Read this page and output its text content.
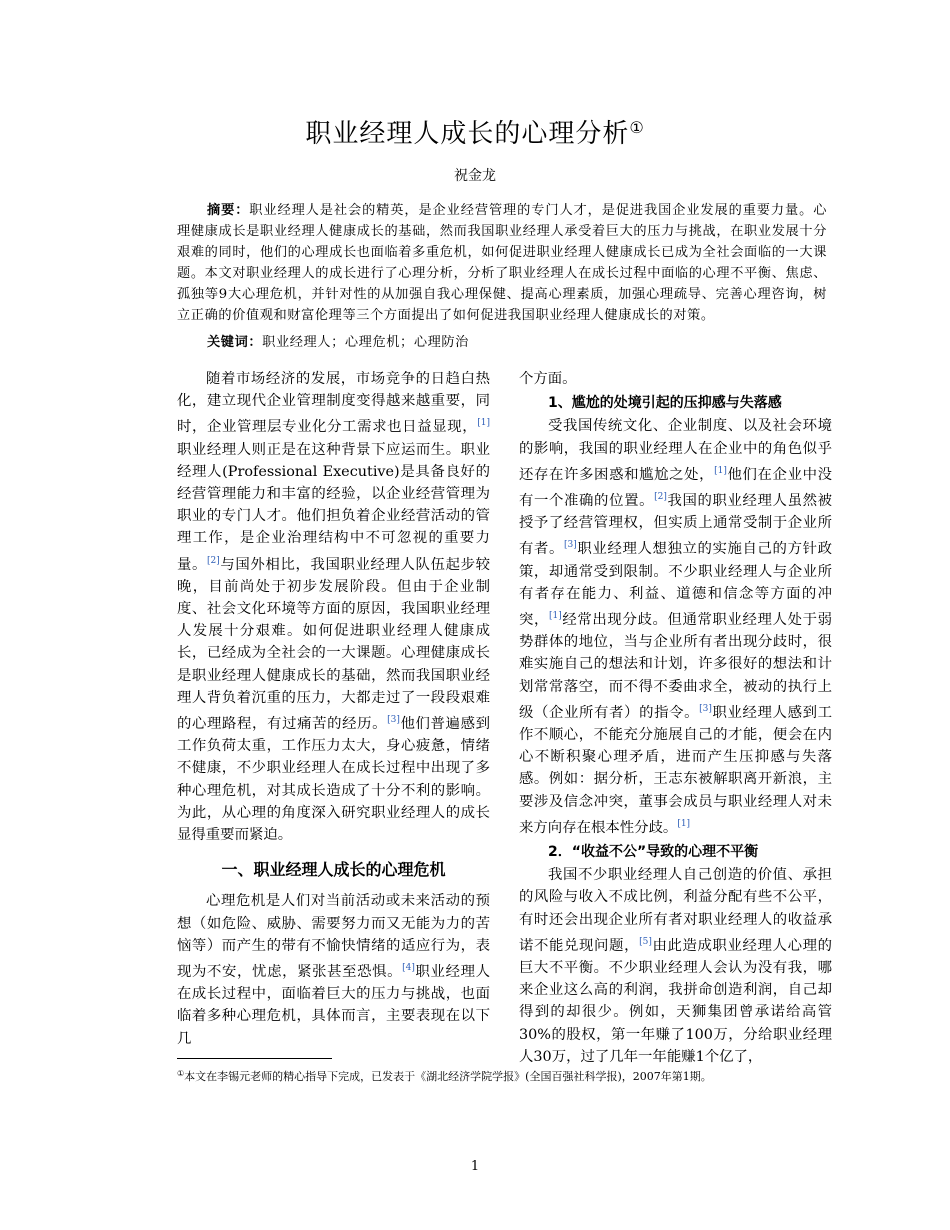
职业经理人成长的心理分析①
祝金龙
摘要：职业经理人是社会的精英，是企业经营管理的专门人才，是促进我国企业发展的重要力量。心理健康成长是职业经理人健康成长的基础，然而我国职业经理人承受着巨大的压力与挑战，在职业发展十分艰难的同时，他们的心理成长也面临着多重危机，如何促进职业经理人健康成长已成为全社会面临的一大课题。本文对职业经理人的成长进行了心理分析，分析了职业经理人在成长过程中面临的心理不平衡、焦虑、孤独等9大心理危机，并针对性的从加强自我心理保健、提高心理素质，加强心理疏导、完善心理咨询，树立正确的价值观和财富伦理等三个方面提出了如何促进我国职业经理人健康成长的对策。
关键词：职业经理人；心理危机；心理防治

随着市场经济的发展，市场竞争的日趋白热化，建立现代企业管理制度变得越来越重要，同时，企业管理层专业化分工需求也日益显现，[1]职业经理人则正是在这种背景下应运而生。职业经理人(Professional Executive)是具备良好的经营管理能力和丰富的经验，以企业经营管理为职业的专门人才。他们担负着企业经营活动的管理工作，是企业治理结构中不可忽视的重要力量。[2]与国外相比，我国职业经理人队伍起步较晚，目前尚处于初步发展阶段。但由于企业制度、社会文化环境等方面的原因，我国职业经理人发展十分艰难。如何促进职业经理人健康成长，已经成为全社会的一大课题。心理健康成长是职业经理人健康成长的基础，然而我国职业经理人背负着沉重的压力，大都走过了一段段艰难的心理路程，有过痛苦的经历。[3]他们普遍感到工作负荷太重，工作压力太大，身心疲惫，情绪不健康，不少职业经理人在成长过程中出现了多种心理危机，对其成长造成了十分不利的影响。为此，从心理的角度深入研究职业经理人的成长显得重要而紧迫。

一、职业经理人成长的心理危机

心理危机是人们对当前活动或未来活动的预想（如危险、威胁、需要努力而又无能为力的苦恼等）而产生的带有不愉快情绪的适应行为，表现为不安，忧虑，紧张甚至恐惧。[4]职业经理人在成长过程中，面临着巨大的压力与挑战，也面临着多种心理危机，具体而言，主要表现在以下几

个方面。

1、尴尬的处境引起的压抑感与失落感

受我国传统文化、企业制度、以及社会环境的影响，我国的职业经理人在企业中的角色似乎还存在许多困惑和尴尬之处，[1]他们在企业中没有一个准确的位置。[2]我国的职业经理人虽然被授予了经营管理权，但实质上通常受制于企业所有者。[3]职业经理人想独立的实施自己的方针政策，却通常受到限制。不少职业经理人与企业所有者存在能力、利益、道德和信念等方面的冲突，[1]经常出现分歧。但通常职业经理人处于弱势群体的地位，当与企业所有者出现分歧时，很难实施自己的想法和计划，许多很好的想法和计划常常落空，而不得不委曲求全，被动的执行上级（企业所有者）的指令。[3]职业经理人感到工作不顺心，不能充分施展自己的才能，便会在内心不断积聚心理矛盾，进而产生压抑感与失落感。例如：据分析，王志东被解职离开新浪，主要涉及信念冲突，董事会成员与职业经理人对未来方向存在根本性分歧。[1]

2．“收益不公”导致的心理不平衡

我国不少职业经理人自己创造的价值、承担的风险与收入不成比例，利益分配有些不公平，有时还会出现企业所有者对职业经理人的收益承诺不能兑现问题，[5]由此造成职业经理人心理的巨大不平衡。不少职业经理人会认为没有我，哪来企业这么高的利润，我拼命创造利润，自己却得到的却很少。例如，天狮集团曾承诺给高管30%的股权，第一年赚了100万，分给职业经理人30万，过了几年一年能赚1个亿了，

①本文在李锡元老师的精心指导下完成，已发表于《湖北经济学院学报》(全国百强社科学报)，2007年第1期。
1
